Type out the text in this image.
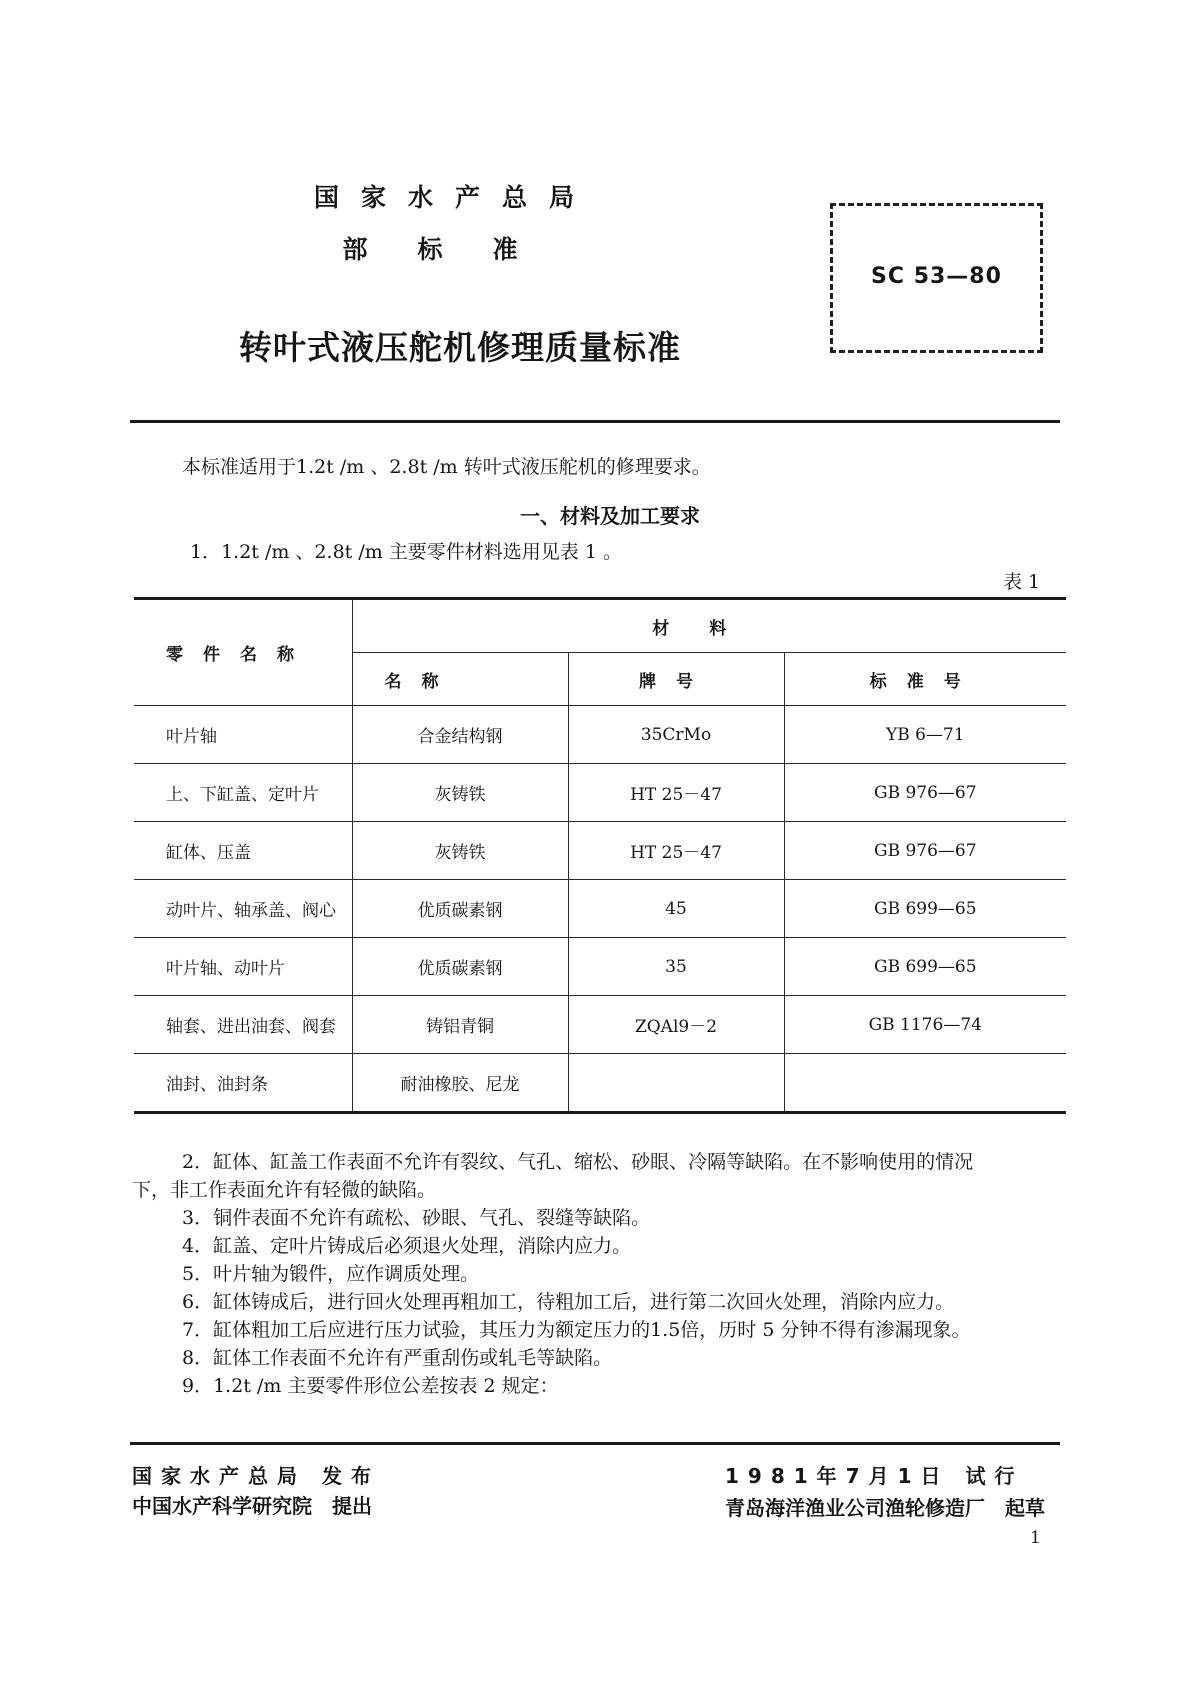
国家水产总局
部标准
转叶式液压舵机修理质量标准
SC 53—80
本标准适用于1.2t /m 、2.8t /m 转叶式液压舵机的修理要求。
一、材料及加工要求
1．1.2t /m 、2.8t /m 主要零件材料选用见表 1 。
表 1
零件名称	材料		
	名称	牌号	标准号
叶片轴	合金结构钢	35CrMo	YB 6—71
上、下缸盖、定叶片	灰铸铁	HT 25－47	GB 976—67
缸体、压盖	灰铸铁	HT 25－47	GB 976—67
动叶片、轴承盖、阀心	优质碳素钢	45	GB 699—65
叶片轴、动叶片	优质碳素钢	35	GB 699—65
轴套、进出油套、阀套	铸铝青铜	ZQAl9－2	GB 1176—74
油封、油封条	耐油橡胶、尼龙		
2．缸体、缸盖工作表面不允许有裂纹、气孔、缩松、砂眼、冷隔等缺陷。在不影响使用的情况
下，非工作表面允许有轻微的缺陷。
3．铜件表面不允许有疏松、砂眼、气孔、裂缝等缺陷。
4．缸盖、定叶片铸成后必须退火处理，消除内应力。
5．叶片轴为锻件，应作调质处理。
6．缸体铸成后，进行回火处理再粗加工，待粗加工后，进行第二次回火处理，消除内应力。
7．缸体粗加工后应进行压力试验，其压力为额定压力的1.5倍，历时 5 分钟不得有渗漏现象。
8．缸体工作表面不允许有严重刮伤或轧毛等缺陷。
9．1.2t /m 主要零件形位公差按表 2 规定：
国家水产总局 发布
中国水产科学研究院　提出
1981年7月1日 试行
青岛海洋渔业公司渔轮修造厂　起草
1
